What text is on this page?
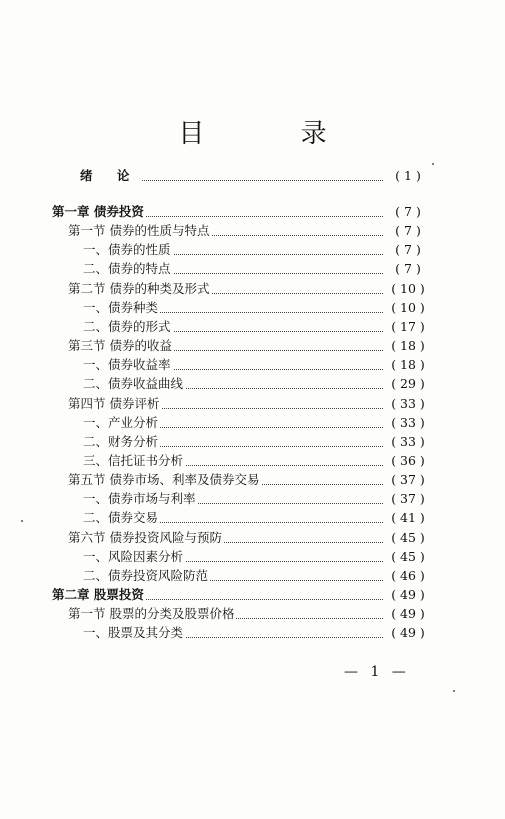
目 录
绪 论	( 1 )
第一章 债券投资	( 7 )
第一节 债券的性质与特点	( 7 )
一、债券的性质	( 7 )
二、债券的特点	( 7 )
第二节 债券的种类及形式	( 10 )
一、债券种类	( 10 )
二、债券的形式	( 17 )
第三节 债券的收益	( 18 )
一、债券收益率	( 18 )
二、债券收益曲线	( 29 )
第四节 债券评析	( 33 )
一、产业分析	( 33 )
二、财务分析	( 33 )
三、信托证书分析	( 36 )
第五节 债券市场、利率及债券交易	( 37 )
一、债券市场与利率	( 37 )
二、债券交易	( 41 )
第六节 债券投资风险与预防	( 45 )
一、风险因素分析	( 45 )
二、债券投资风险防范	( 46 )
第二章 股票投资	( 49 )
第一节 股票的分类及股票价格	( 49 )
一、股票及其分类	( 49 )
— 1 —
